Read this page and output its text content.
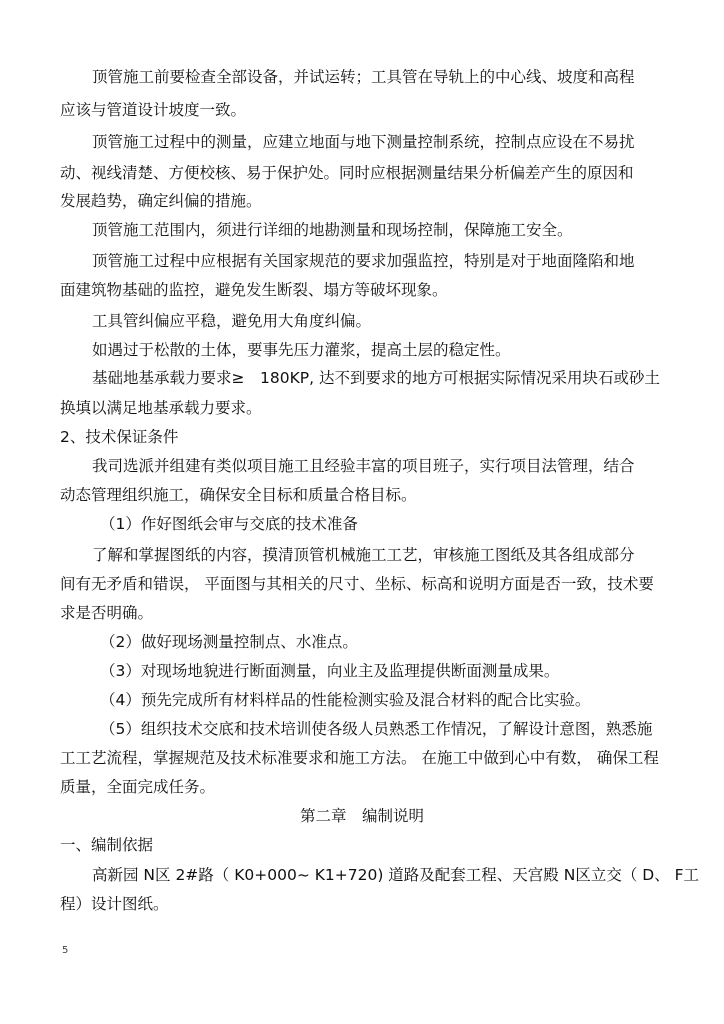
顶管施工前要检查全部设备，并试运转；工具管在导轨上的中心线、坡度和高程
应该与管道设计坡度一致。
顶管施工过程中的测量，应建立地面与地下测量控制系统，控制点应设在不易扰
动、视线清楚、方便校核、易于保护处。同时应根据测量结果分析偏差产生的原因和
发展趋势，确定纠偏的措施。
顶管施工范围内，须进行详细的地勘测量和现场控制，保障施工安全。
顶管施工过程中应根据有关国家规范的要求加强监控，特别是对于地面隆陷和地
面建筑物基础的监控，避免发生断裂、塌方等破坏现象。
工具管纠偏应平稳，避免用大角度纠偏。
如遇过于松散的土体，要事先压力灌浆，提高土层的稳定性。
基础地基承载力要求≥　180KP, 达不到要求的地方可根据实际情况采用块石或砂土
换填以满足地基承载力要求。
2、技术保证条件
我司选派并组建有类似项目施工且经验丰富的项目班子，实行项目法管理，结合
动态管理组织施工，确保安全目标和质量合格目标。
（1）作好图纸会审与交底的技术准备
了解和掌握图纸的内容，摸清顶管机械施工工艺，审核施工图纸及其各组成部分
间有无矛盾和错误， 平面图与其相关的尺寸、坐标、标高和说明方面是否一致，技术要
求是否明确。
（2）做好现场测量控制点、水准点。
（3）对现场地貌进行断面测量，向业主及监理提供断面测量成果。
（4）预先完成所有材料样品的性能检测实验及混合材料的配合比实验。
（5）组织技术交底和技术培训使各级人员熟悉工作情况，了解设计意图，熟悉施
工工艺流程，掌握规范及技术标准要求和施工方法。 在施工中做到心中有数， 确保工程
质量，全面完成任务。
第二章　编制说明
一、编制依据
高新园 N区 2#路（ K0+000~ K1+720) 道路及配套工程、天宫殿 N区立交（ D、 F工
程）设计图纸。
5
